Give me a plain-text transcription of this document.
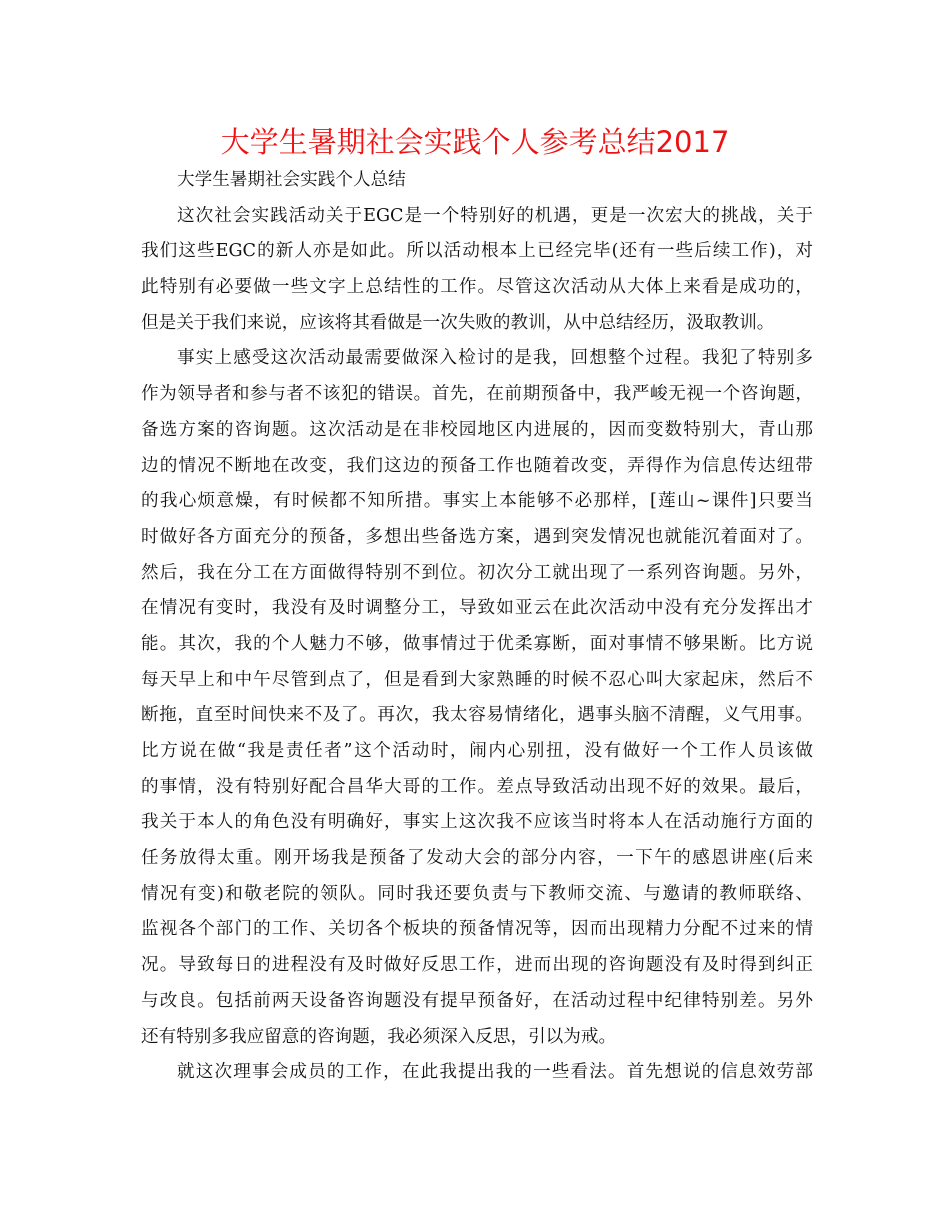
大学生暑期社会实践个人参考总结2017
大学生暑期社会实践个人总结
这次社会实践活动关于EGC是一个特别好的机遇，更是一次宏大的挑战，关于
我们这些EGC的新人亦是如此。所以活动根本上已经完毕(还有一些后续工作)，对
此特别有必要做一些文字上总结性的工作。尽管这次活动从大体上来看是成功的，
但是关于我们来说，应该将其看做是一次失败的教训，从中总结经历，汲取教训。
事实上感受这次活动最需要做深入检讨的是我，回想整个过程。我犯了特别多
作为领导者和参与者不该犯的错误。首先，在前期预备中，我严峻无视一个咨询题，
备选方案的咨询题。这次活动是在非校园地区内进展的，因而变数特别大，青山那
边的情况不断地在改变，我们这边的预备工作也随着改变，弄得作为信息传达纽带
的我心烦意燥，有时候都不知所措。事实上本能够不必那样，[莲山~课件]只要当
时做好各方面充分的预备，多想出些备选方案，遇到突发情况也就能沉着面对了。
然后，我在分工在方面做得特别不到位。初次分工就出现了一系列咨询题。另外，
在情况有变时，我没有及时调整分工，导致如亚云在此次活动中没有充分发挥出才
能。其次，我的个人魅力不够，做事情过于优柔寡断，面对事情不够果断。比方说
每天早上和中午尽管到点了，但是看到大家熟睡的时候不忍心叫大家起床，然后不
断拖，直至时间快来不及了。再次，我太容易情绪化，遇事头脑不清醒，义气用事。
比方说在做“我是责任者”这个活动时，闹内心别扭，没有做好一个工作人员该做
的事情，没有特别好配合昌华大哥的工作。差点导致活动出现不好的效果。最后，
我关于本人的角色没有明确好，事实上这次我不应该当时将本人在活动施行方面的
任务放得太重。刚开场我是预备了发动大会的部分内容，一下午的感恩讲座(后来
情况有变)和敬老院的领队。同时我还要负责与下教师交流、与邀请的教师联络、
监视各个部门的工作、关切各个板块的预备情况等，因而出现精力分配不过来的情
况。导致每日的进程没有及时做好反思工作，进而出现的咨询题没有及时得到纠正
与改良。包括前两天设备咨询题没有提早预备好，在活动过程中纪律特别差。另外
还有特别多我应留意的咨询题，我必须深入反思，引以为戒。
就这次理事会成员的工作，在此我提出我的一些看法。首先想说的信息效劳部
